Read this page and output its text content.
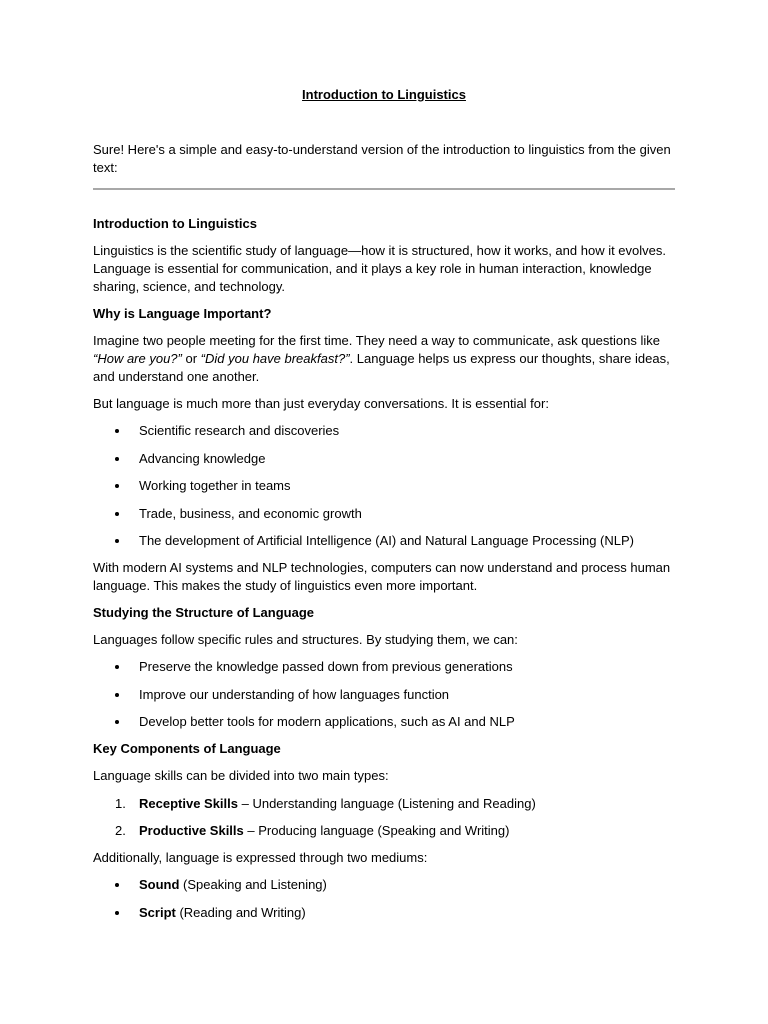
Introduction to Linguistics

Sure! Here's a simple and easy-to-understand version of the introduction to linguistics from the given text:

Introduction to Linguistics

Linguistics is the scientific study of language—how it is structured, how it works, and how it evolves. Language is essential for communication, and it plays a key role in human interaction, knowledge sharing, science, and technology.

Why is Language Important?

Imagine two people meeting for the first time. They need a way to communicate, ask questions like “How are you?” or “Did you have breakfast?”. Language helps us express our thoughts, share ideas, and understand one another.

But language is much more than just everyday conversations. It is essential for:

Scientific research and discoveries
Advancing knowledge
Working together in teams
Trade, business, and economic growth
The development of Artificial Intelligence (AI) and Natural Language Processing (NLP)

With modern AI systems and NLP technologies, computers can now understand and process human language. This makes the study of linguistics even more important.

Studying the Structure of Language

Languages follow specific rules and structures. By studying them, we can:

Preserve the knowledge passed down from previous generations
Improve our understanding of how languages function
Develop better tools for modern applications, such as AI and NLP

Key Components of Language

Language skills can be divided into two main types:

1. Receptive Skills – Understanding language (Listening and Reading)
2. Productive Skills – Producing language (Speaking and Writing)

Additionally, language is expressed through two mediums:

Sound (Speaking and Listening)
Script (Reading and Writing)
